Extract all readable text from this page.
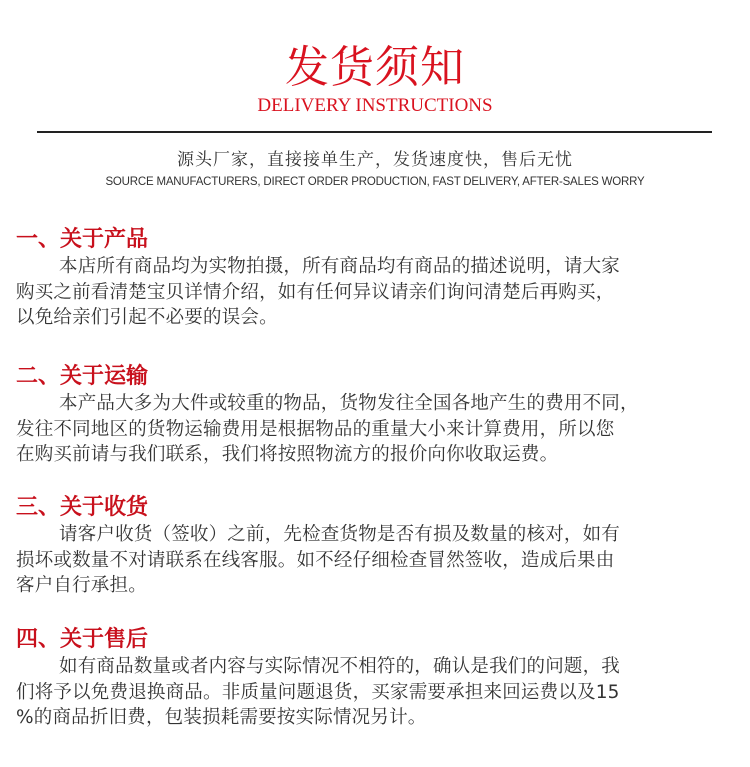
发货须知
DELIVERY INSTRUCTIONS
源头厂家，直接接单生产，发货速度快，售后无忧
SOURCE MANUFACTURERS, DIRECT ORDER PRODUCTION, FAST DELIVERY, AFTER-SALES WORRY
一、关于产品
本店所有商品均为实物拍摄，所有商品均有商品的描述说明，请大家
购买之前看清楚宝贝详情介绍，如有任何异议请亲们询问清楚后再购买，
以免给亲们引起不必要的误会。
二、关于运输
本产品大多为大件或较重的物品，货物发往全国各地产生的费用不同，
发往不同地区的货物运输费用是根据物品的重量大小来计算费用，所以您
在购买前请与我们联系，我们将按照物流方的报价向你收取运费。
三、关于收货
请客户收货（签收）之前，先检查货物是否有损及数量的核对，如有
损坏或数量不对请联系在线客服。如不经仔细检查冒然签收，造成后果由
客户自行承担。
四、关于售后
如有商品数量或者内容与实际情况不相符的，确认是我们的问题，我
们将予以免费退换商品。非质量问题退货，买家需要承担来回运费以及15
%的商品折旧费，包装损耗需要按实际情况另计。
